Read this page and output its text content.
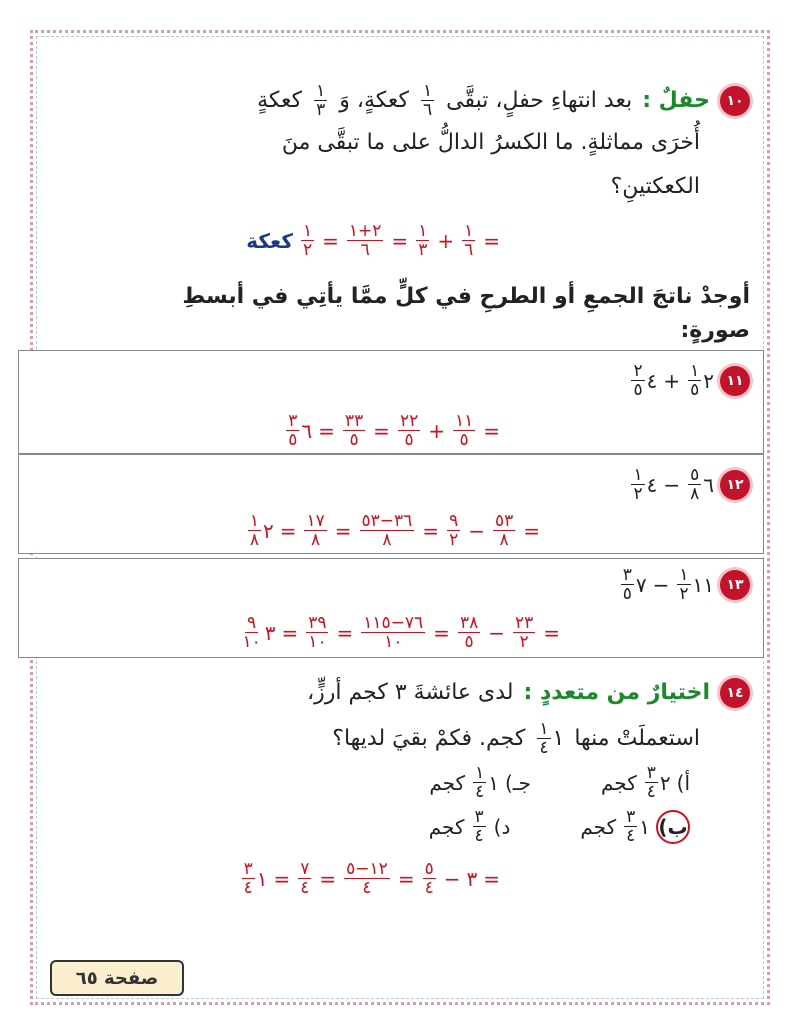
١٠
حفلٌ :
بعد انتهاءِ حفلٍ، تبقَّى
$\frac{١}{٦}$
كعكةٍ، وَ
$\frac{١}{٣}$
كعكةٍ
أُخرَى مماثلةٍ. ما الكسرُ الدالُّ على ما تبقَّى منَ
الكعكتينِ؟
=
$\frac{١}{٦}$
+
$\frac{١}{٣}$
=
$\frac{٢+١}{٦}$
=
$\frac{١}{٢}$
كعكة
أوجدْ ناتجَ الجمعِ أو الطرحِ في كلٍّ ممَّا يأتِي في أبسطِ
صورةٍ:
١١
٢
$\frac{١}{٥}$
+
٤
$\frac{٢}{٥}$
=
$\frac{١١}{٥}$
+
$\frac{٢٢}{٥}$
=
$\frac{٣٣}{٥}$
=
٦
$\frac{٣}{٥}$
١٢
٦
$\frac{٥}{٨}$
−
٤
$\frac{١}{٢}$
=
$\frac{٥٣}{٨}$
−
$\frac{٩}{٢}$
=
$\frac{٣٦-٥٣}{٨}$
=
$\frac{١٧}{٨}$
=
٢
$\frac{١}{٨}$
١٣
١١
$\frac{١}{٢}$
−
٧
$\frac{٣}{٥}$
=
$\frac{٢٣}{٢}$
−
$\frac{٣٨}{٥}$
=
$\frac{٧٦-١١٥}{١٠}$
=
$\frac{٣٩}{١٠}$
=
٣
$\frac{٩}{١٠}$
١٤
اختيارٌ من متعددٍ :
لدى عائشةَ ٣ كجم أرزٍّ،
استعملَتْ منها
١
$\frac{١}{٤}$
كجم. فكمْ بقيَ لديها؟
أ)
٢
$\frac{٣}{٤}$
كجم
جـ)
١
$\frac{١}{٤}$
كجم
ب)
١
$\frac{٣}{٤}$
كجم
د)
$\frac{٣}{٤}$
كجم
=
٣
−
$\frac{٥}{٤}$
=
$\frac{١٢-٥}{٤}$
=
$\frac{٧}{٤}$
=
١
$\frac{٣}{٤}$
صفحة ٦٥
